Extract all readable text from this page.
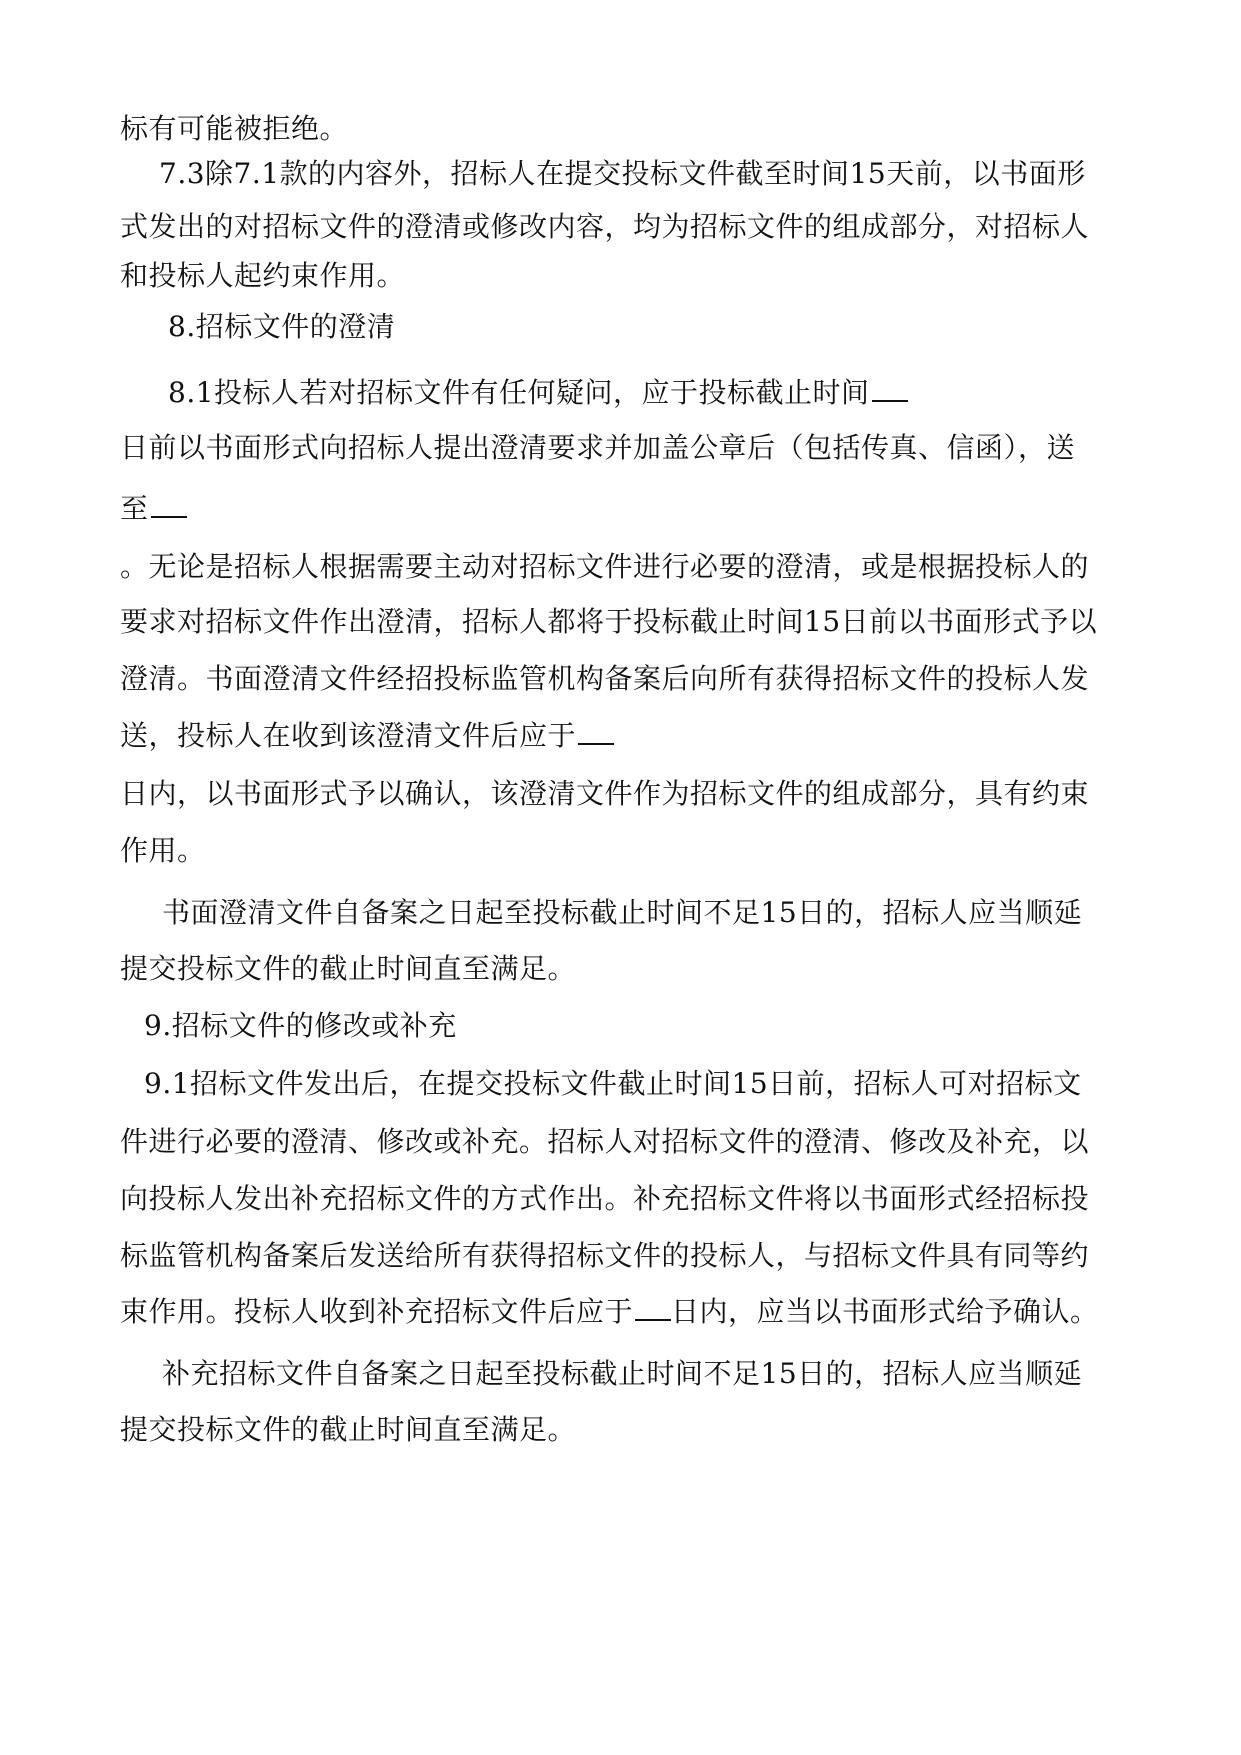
标有可能被拒绝。
7.3除7.1款的内容外，招标人在提交投标文件截至时间15天前，以书面形
式发出的对招标文件的澄清或修改内容，均为招标文件的组成部分，对招标人
和投标人起约束作用。
8.招标文件的澄清
8.1投标人若对招标文件有任何疑问，应于投标截止时间
日前以书面形式向招标人提出澄清要求并加盖公章后（包括传真、信函），送
至
。无论是招标人根据需要主动对招标文件进行必要的澄清，或是根据投标人的
要求对招标文件作出澄清，招标人都将于投标截止时间15日前以书面形式予以
澄清。书面澄清文件经招投标监管机构备案后向所有获得招标文件的投标人发
送，投标人在收到该澄清文件后应于
日内，以书面形式予以确认，该澄清文件作为招标文件的组成部分，具有约束
作用。
书面澄清文件自备案之日起至投标截止时间不足15日的，招标人应当顺延
提交投标文件的截止时间直至满足。
9.招标文件的修改或补充
9.1招标文件发出后，在提交投标文件截止时间15日前，招标人可对招标文
件进行必要的澄清、修改或补充。招标人对招标文件的澄清、修改及补充，以
向投标人发出补充招标文件的方式作出。补充招标文件将以书面形式经招标投
标监管机构备案后发送给所有获得招标文件的投标人，与招标文件具有同等约
束作用。投标人收到补充招标文件后应于 日内，应当以书面形式给予确认。
补充招标文件自备案之日起至投标截止时间不足15日的，招标人应当顺延
提交投标文件的截止时间直至满足。
